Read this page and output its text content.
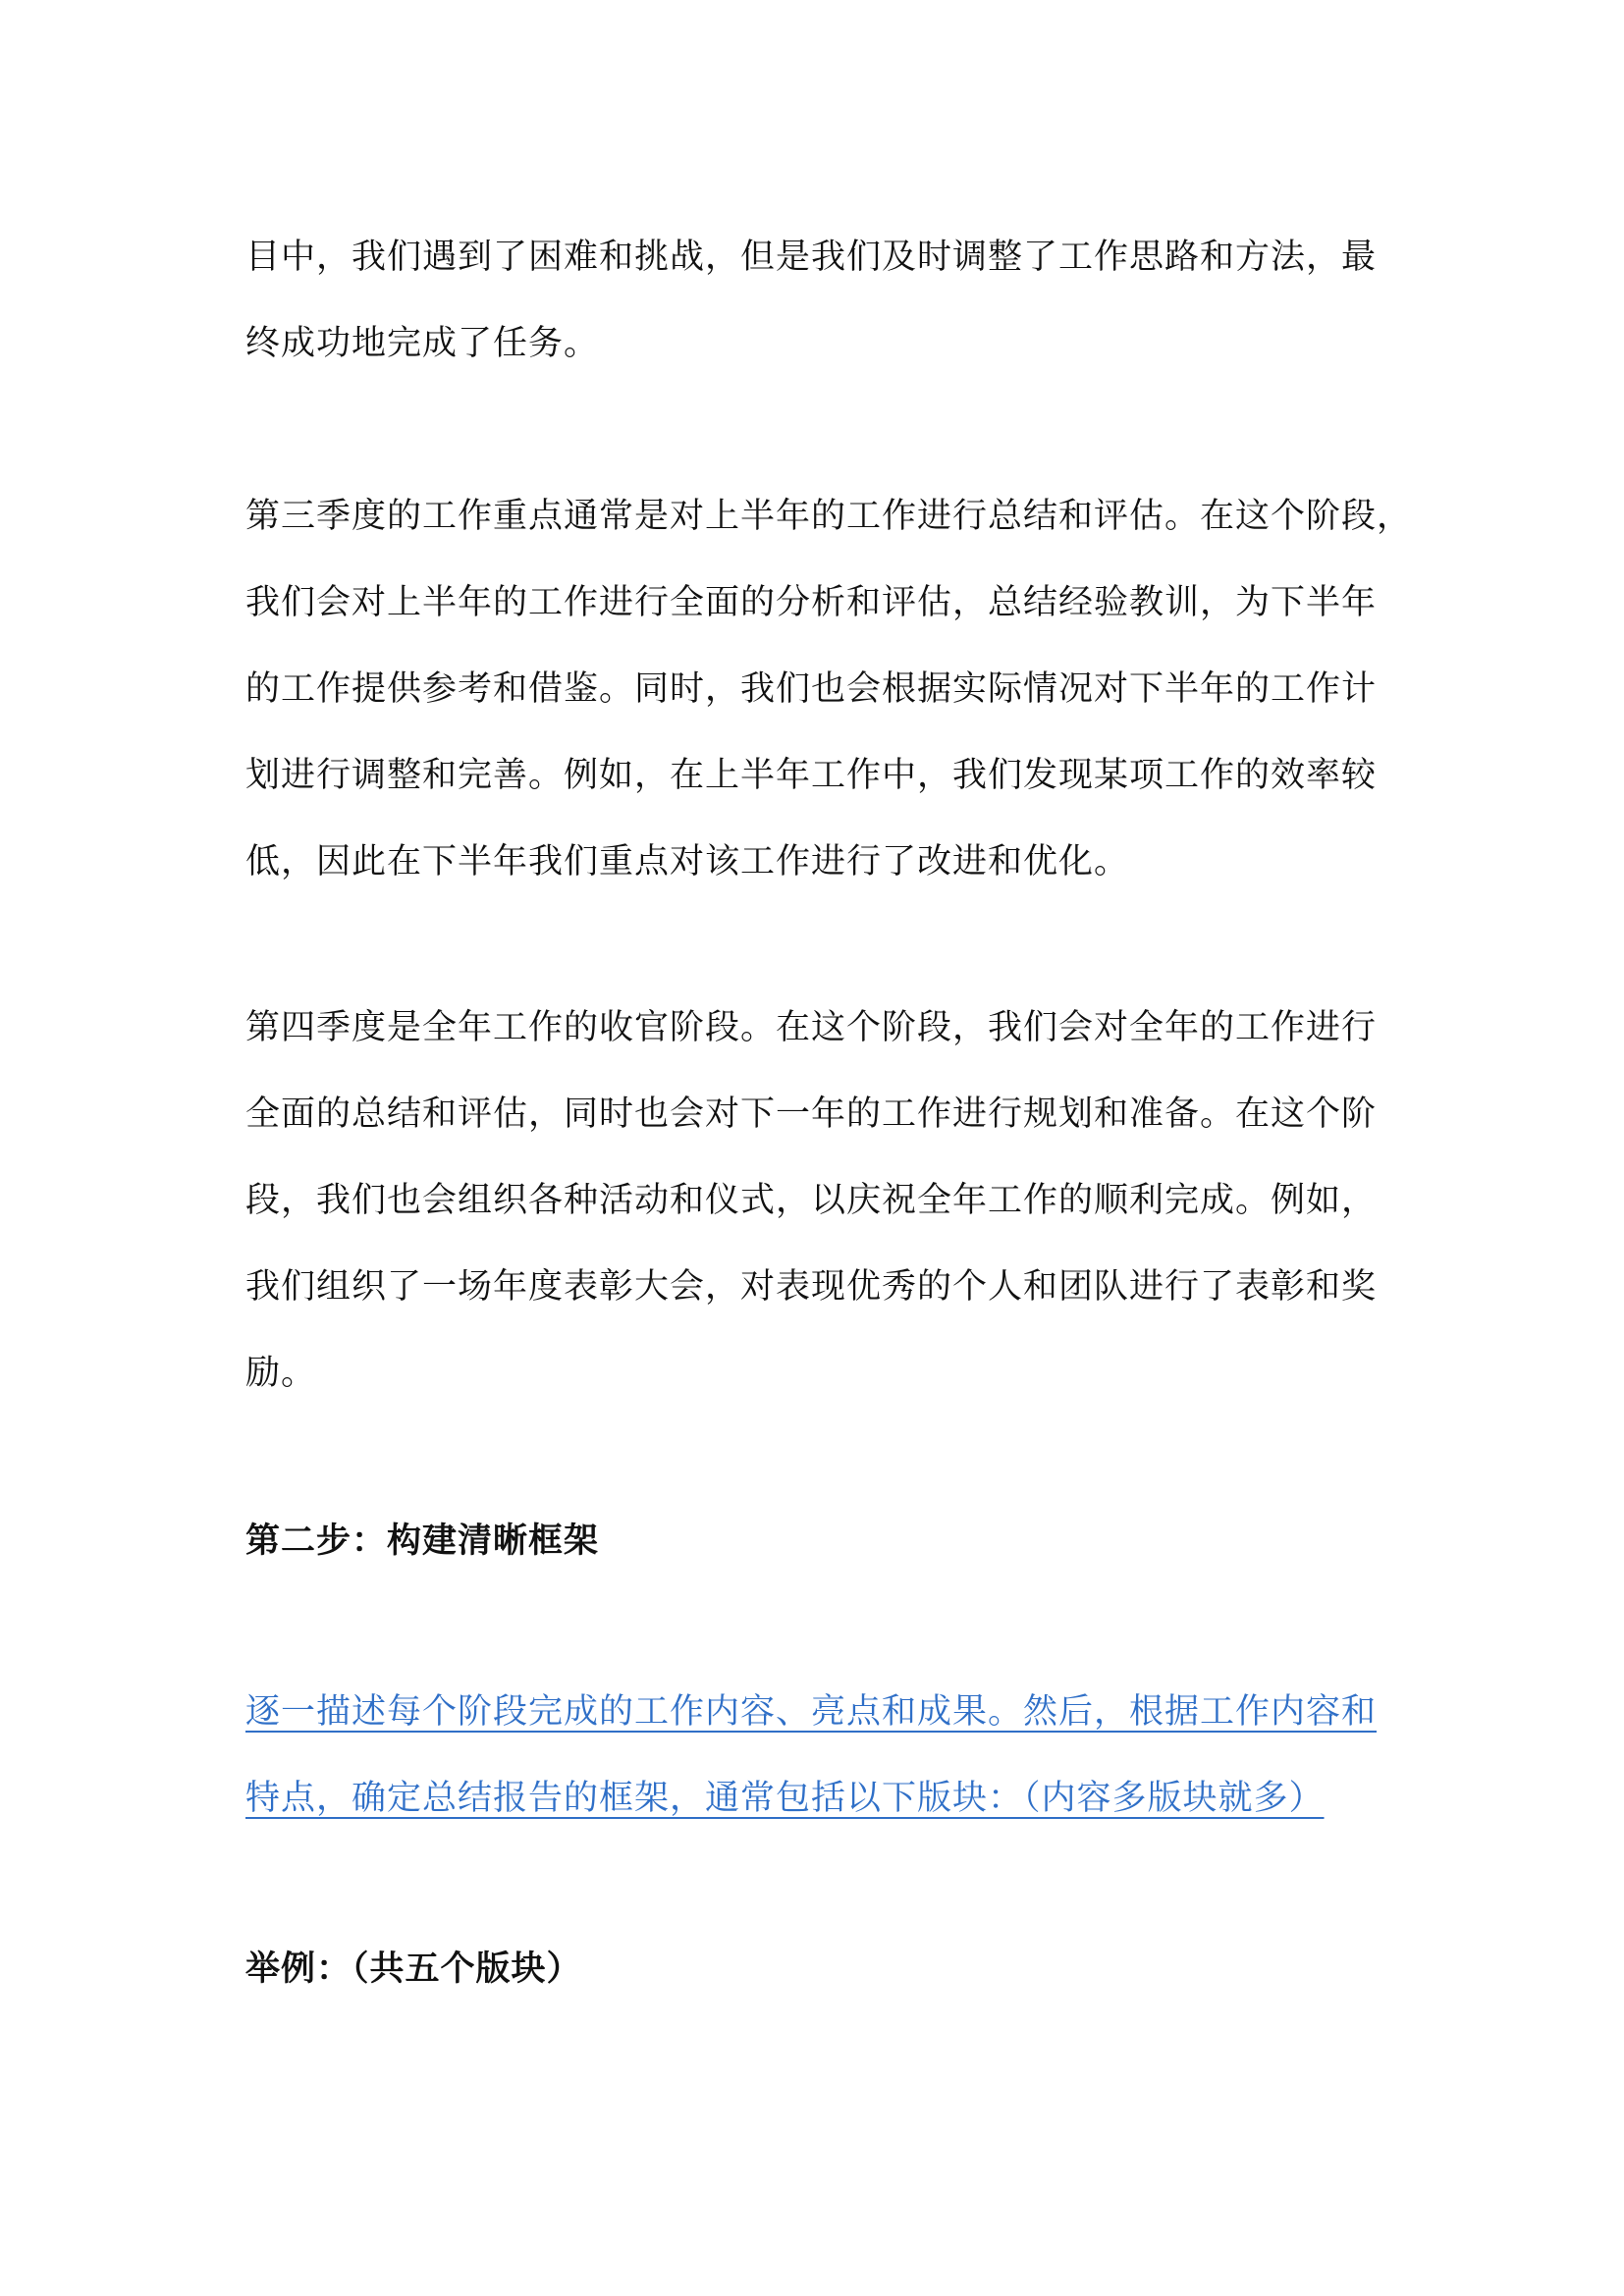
目中，我们遇到了困难和挑战，但是我们及时调整了工作思路和方法，最
终成功地完成了任务。

第三季度的工作重点通常是对上半年的工作进行总结和评估。在这个阶段，
我们会对上半年的工作进行全面的分析和评估，总结经验教训，为下半年
的工作提供参考和借鉴。同时，我们也会根据实际情况对下半年的工作计
划进行调整和完善。例如，在上半年工作中，我们发现某项工作的效率较
低，因此在下半年我们重点对该工作进行了改进和优化。

第四季度是全年工作的收官阶段。在这个阶段，我们会对全年的工作进行
全面的总结和评估，同时也会对下一年的工作进行规划和准备。在这个阶
段，我们也会组织各种活动和仪式，以庆祝全年工作的顺利完成。例如，
我们组织了一场年度表彰大会，对表现优秀的个人和团队进行了表彰和奖
励。

第二步：构建清晰框架

逐一描述每个阶段完成的工作内容、亮点和成果。然后，根据工作内容和
特点，确定总结报告的框架，通常包括以下版块：（内容多版块就多）

举例：（共五个版块）
